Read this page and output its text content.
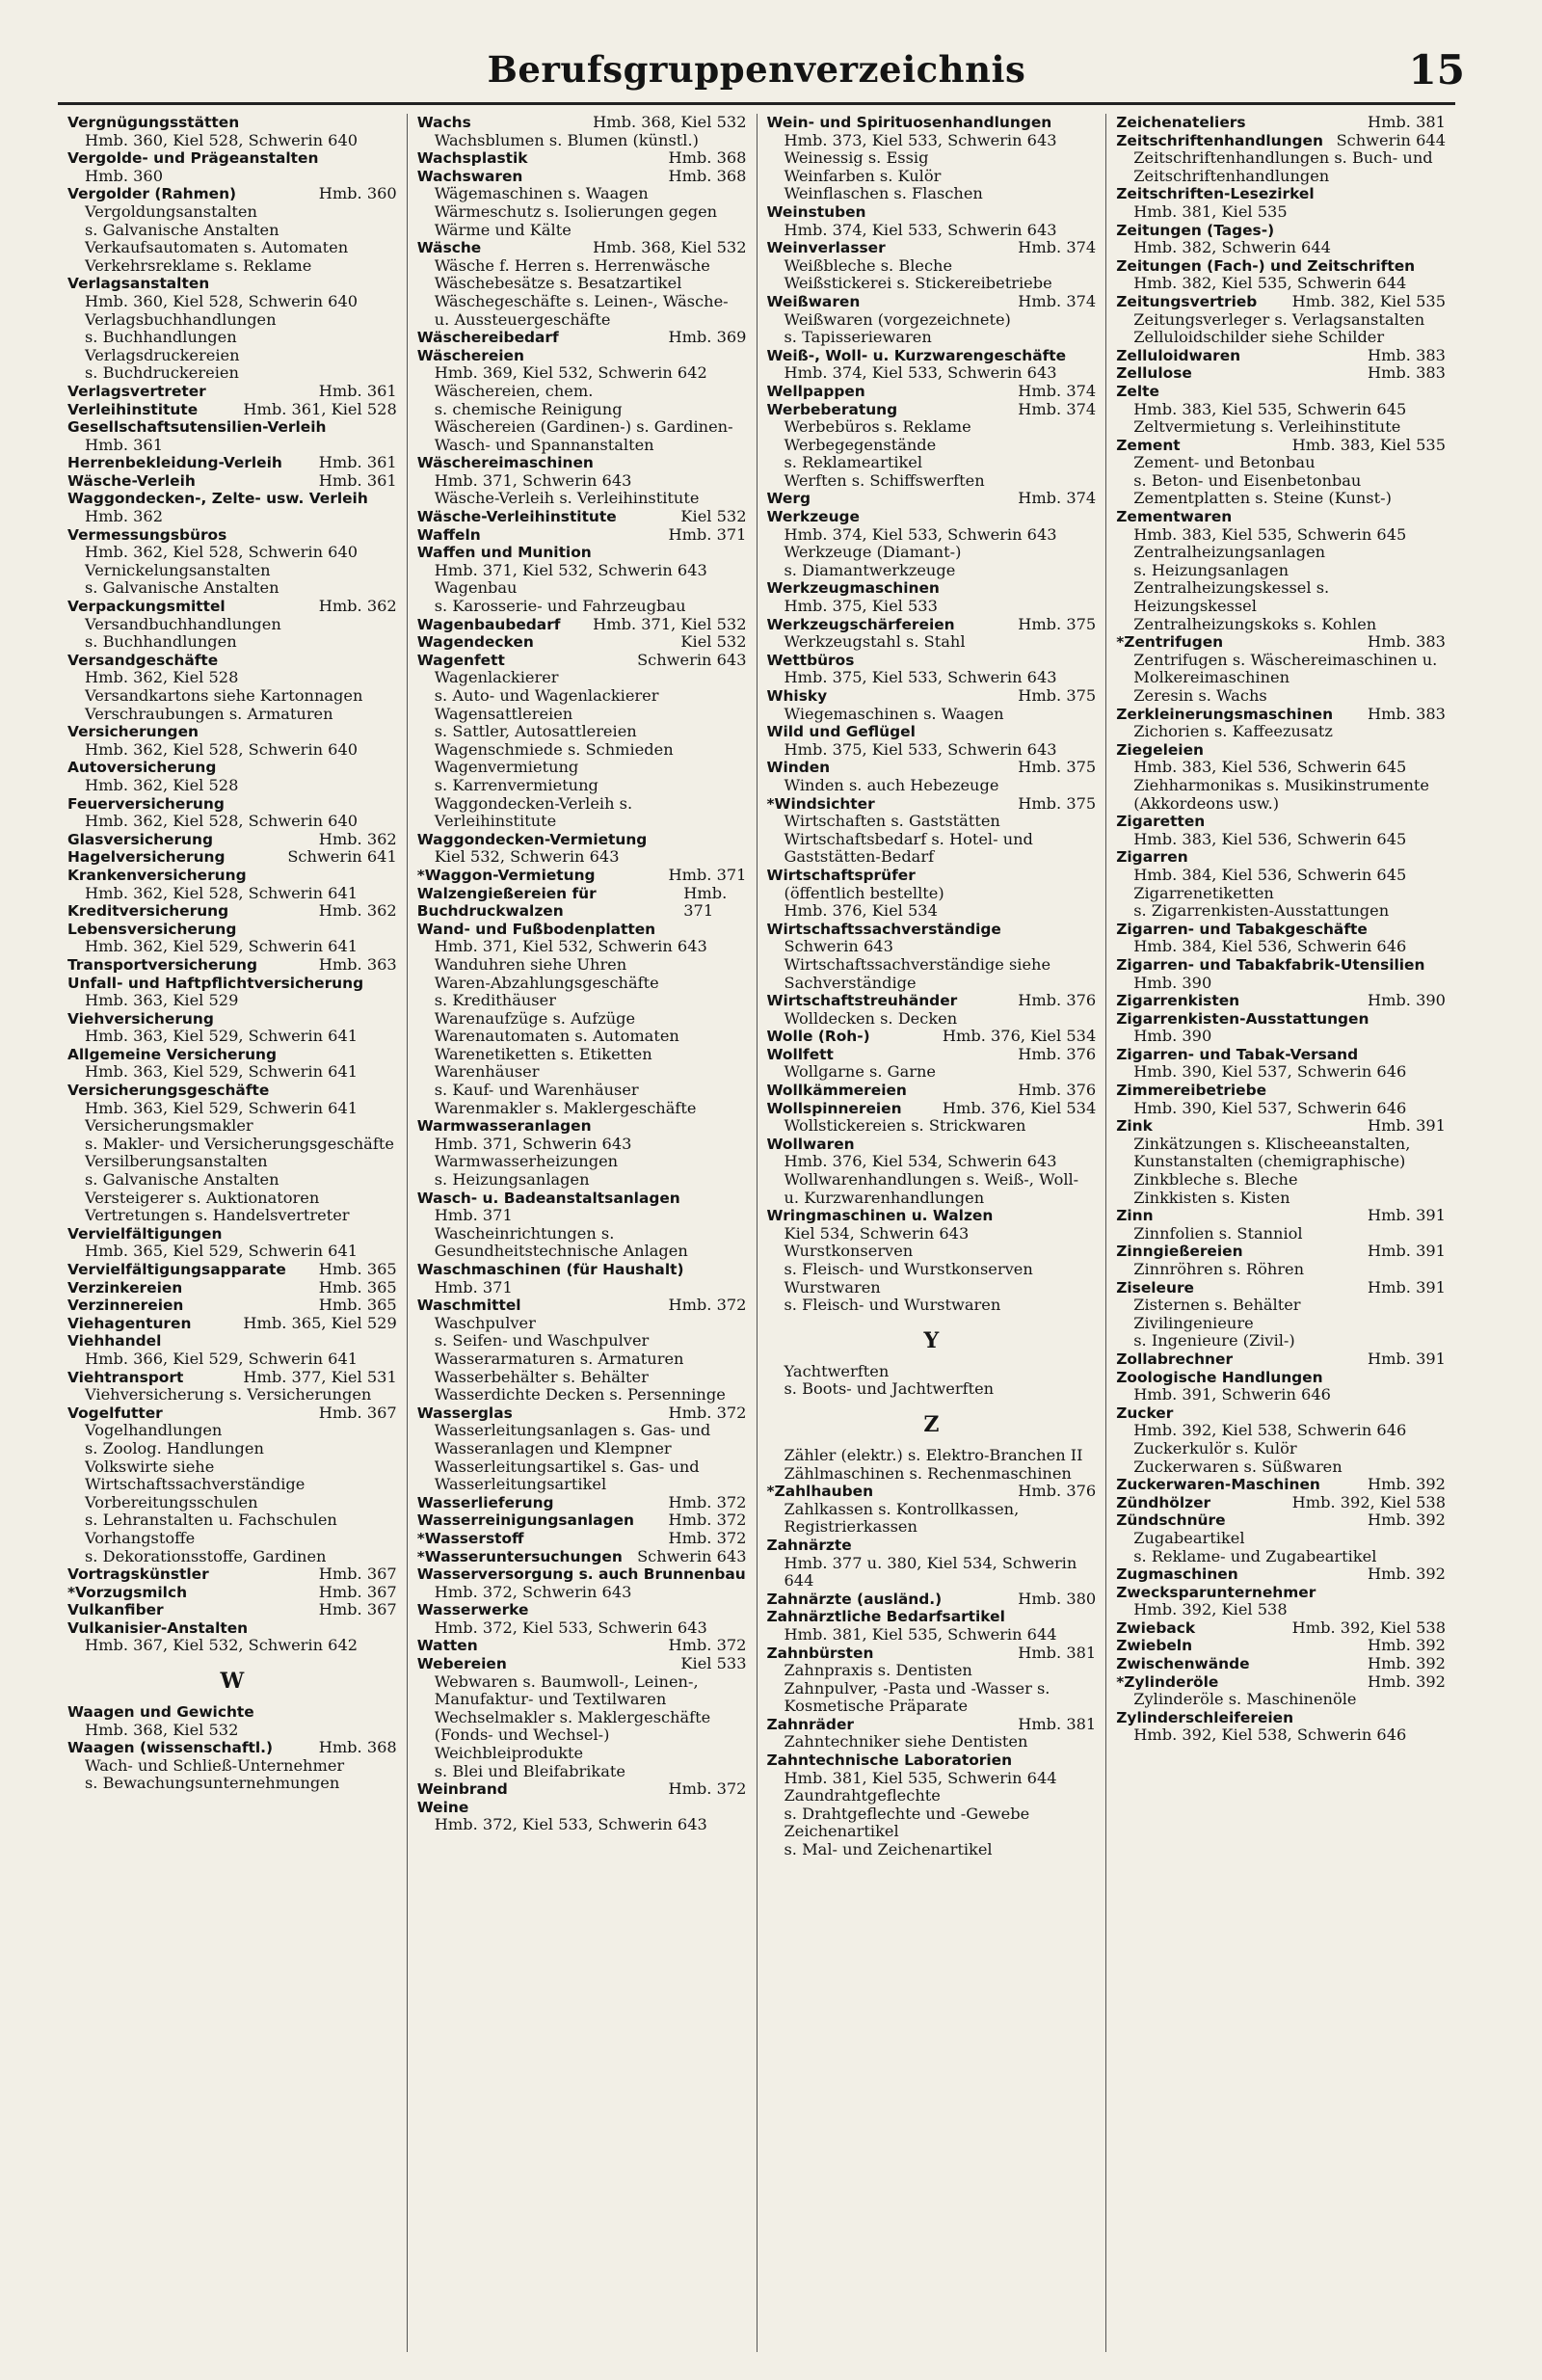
Berufsgruppenverzeichnis	15
Vergnügungsstätten
Hmb. 360, Kiel 528, Schwerin 640
Vergolde- und Prägeanstalten
Hmb. 360
Vergolder (Rahmen)	Hmb. 360
Vergoldungsanstalten
s. Galvanische Anstalten
Verkaufsautomaten s. Automaten
Verkehrsreklame s. Reklame
Verlagsanstalten
Hmb. 360, Kiel 528, Schwerin 640
Verlagsbuchhandlungen
s. Buchhandlungen
Verlagsdruckereien
s. Buchdruckereien
Verlagsvertreter	Hmb. 361
Verleihinstitute	Hmb. 361, Kiel 528
Gesellschaftsutensilien-Verleih
Hmb. 361
Herrenbekleidung-Verleih Hmb. 361
Wäsche-Verleih	Hmb. 361
Waggondecken-, Zelte- usw. Verleih
Hmb. 362
Vermessungsbüros
Hmb. 362, Kiel 528, Schwerin 640
Vernickelungsanstalten
s. Galvanische Anstalten
Verpackungsmittel	Hmb. 362
Versandbuchhandlungen
s. Buchhandlungen
Versandgeschäfte
Hmb. 362, Kiel 528
Versandkartons siehe Kartonnagen
Verschraubungen s. Armaturen
Versicherungen
Hmb. 362, Kiel 528, Schwerin 640
Autoversicherung
Hmb. 362, Kiel 528
Feuerversicherung
Hmb. 362, Kiel 528, Schwerin 640
Glasversicherung	Hmb. 362
Hagelversicherung	Schwerin 641
Krankenversicherung
Hmb. 362, Kiel 528, Schwerin 641
Kreditversicherung	Hmb. 362
Lebensversicherung
Hmb. 362, Kiel 529, Schwerin 641
Transportversicherung	Hmb. 363
Unfall- und Haftpflichtversicherung
Hmb. 363, Kiel 529
Viehversicherung
Hmb. 363, Kiel 529, Schwerin 641
Allgemeine Versicherung
Hmb. 363, Kiel 529, Schwerin 641
Versicherungsgeschäfte
Hmb. 363, Kiel 529, Schwerin 641
Versicherungsmakler
s. Makler- und Versicherungsgeschäfte
Versilberungsanstalten
s. Galvanische Anstalten
Versteigerer s. Auktionatoren
Vertretungen s. Handelsvertreter
Vervielfältigungen
Hmb. 365, Kiel 529, Schwerin 641
Vervielfältigungsapparate Hmb. 365
Verzinkereien	Hmb. 365
Verzinnereien	Hmb. 365
Viehagenturen	Hmb. 365, Kiel 529
Viehhandel
Hmb. 366, Kiel 529, Schwerin 641
Viehtransport	Hmb. 377, Kiel 531
Viehversicherung s. Versicherungen
Vogelfutter	Hmb. 367
Vogelhandlungen
s. Zoolog. Handlungen
Volkswirte siehe Wirtschaftssachverständige
Vorbereitungsschulen
s. Lehranstalten u. Fachschulen
Vorhangstoffe
s. Dekorationsstoffe, Gardinen
Vortragskünstler	Hmb. 367
*Vorzugsmilch	Hmb. 367
Vulkanfiber	Hmb. 367
Vulkanisier-Anstalten
Hmb. 367, Kiel 532, Schwerin 642
W
Waagen und Gewichte
Hmb. 368, Kiel 532
Waagen (wissenschaftl.)	Hmb. 368
Wach- und Schließ-Unternehmer
s. Bewachungsunternehmungen
Wachs	Hmb. 368, Kiel 532
Wachsblumen s. Blumen (künstl.)
Wachsplastik	Hmb. 368
Wachswaren	Hmb. 368
Wägemaschinen s. Waagen
Wärmeschutz s. Isolierungen gegen Wärme und Kälte
Wäsche	Hmb. 368, Kiel 532
Wäsche f. Herren s. Herrenwäsche
Wäschebesätze s. Besatzartikel
Wäschegeschäfte s. Leinen-, Wäsche- u. Aussteuergeschäfte
Wäschereibedarf	Hmb. 369
Wäschereien
Hmb. 369, Kiel 532, Schwerin 642
Wäschereien, chem.
s. chemische Reinigung
Wäschereien (Gardinen-) s. Gardinen-Wasch- und Spannanstalten
Wäschereimaschinen
Hmb. 371, Schwerin 643
Wäsche-Verleih s. Verleihinstitute
Wäsche-Verleihinstitute	Kiel 532
Waffeln	Hmb. 371
Waffen und Munition
Hmb. 371, Kiel 532, Schwerin 643
Wagenbau
s. Karosserie- und Fahrzeugbau
Wagenbaubedarf Hmb. 371, Kiel 532
Wagendecken	Kiel 532
Wagenfett	Schwerin 643
Wagenlackierer
s. Auto- und Wagenlackierer
Wagensattlereien
s. Sattler, Autosattlereien
Wagenschmiede s. Schmieden
Wagenvermietung
s. Karrenvermietung
Waggondecken-Verleih s. Verleihinstitute
Waggondecken-Vermietung
Kiel 532, Schwerin 643
*Waggon-Vermietung	Hmb. 371
Walzengießereien für Buchdruckwalzen
Hmb. 371
Wand- und Fußbodenplatten
Hmb. 371, Kiel 532, Schwerin 643
Wanduhren siehe Uhren
Waren-Abzahlungsgeschäfte
s. Kredithäuser
Warenaufzüge s. Aufzüge
Warenautomaten s. Automaten
Warenetiketten s. Etiketten
Warenhäuser
s. Kauf- und Warenhäuser
Warenmakler s. Maklergeschäfte
Warmwasseranlagen
Hmb. 371, Schwerin 643
Warmwasserheizungen
s. Heizungsanlagen
Wasch- u. Badeanstaltsanlagen
Hmb. 371
Wascheinrichtungen s. Gesundheitstechnische Anlagen
Waschmaschinen (für Haushalt)
Hmb. 371
Waschmittel	Hmb. 372
Waschpulver
s. Seifen- und Waschpulver
Wasserarmaturen s. Armaturen
Wasserbehälter s. Behälter
Wasserdichte Decken s. Persenninge
Wasserglas	Hmb. 372
Wasserleitungsanlagen s. Gas- und Wasseranlagen und Klempner
Wasserleitungsartikel s. Gas- und Wasserleitungsartikel
Wasserlieferung	Hmb. 372
Wasserreinigungsanlagen Hmb. 372
*Wasserstoff	Hmb. 372
*Wasseruntersuchungen Schwerin 643
Wasserversorgung s. auch Brunnenbau
Hmb. 372, Schwerin 643
Wasserwerke
Hmb. 372, Kiel 533, Schwerin 643
Watten	Hmb. 372
Webereien	Kiel 533
Webwaren s. Baumwoll-, Leinen-, Manufaktur- und Textilwaren
Wechselmakler s. Maklergeschäfte (Fonds- und Wechsel-)
Weichbleiprodukte
s. Blei und Bleifabrikate
Weinbrand	Hmb. 372
Weine
Hmb. 372, Kiel 533, Schwerin 643
Wein- und Spirituosenhandlungen
Hmb. 373, Kiel 533, Schwerin 643
Weinessig s. Essig
Weinfarben s. Kulör
Weinflaschen s. Flaschen
Weinstuben
Hmb. 374, Kiel 533, Schwerin 643
Weinverlasser	Hmb. 374
Weißbleche s. Bleche
Weißstickerei s. Stickereibetriebe
Weißwaren	Hmb. 374
Weißwaren (vorgezeichnete)
s. Tapisseriewaren
Weiß-, Woll- u. Kurzwarengeschäfte
Hmb. 374, Kiel 533, Schwerin 643
Wellpappen	Hmb. 374
Werbeberatung	Hmb. 374
Werbebüros s. Reklame
Werbegegenstände
s. Reklameartikel
Werften s. Schiffswerften
Werg	Hmb. 374
Werkzeuge
Hmb. 374, Kiel 533, Schwerin 643
Werkzeuge (Diamant-)
s. Diamantwerkzeuge
Werkzeugmaschinen
Hmb. 375, Kiel 533
Werkzeugschärfereien	Hmb. 375
Werkzeugstahl s. Stahl
Wettbüros
Hmb. 375, Kiel 533, Schwerin 643
Whisky	Hmb. 375
Wiegemaschinen s. Waagen
Wild und Geflügel
Hmb. 375, Kiel 533, Schwerin 643
Winden	Hmb. 375
Winden s. auch Hebezeuge
*Windsichter	Hmb. 375
Wirtschaften s. Gaststätten
Wirtschaftsbedarf s. Hotel- und Gaststätten-Bedarf
Wirtschaftsprüfer
(öffentlich bestellte)
Hmb. 376, Kiel 534
Wirtschaftssachverständige
Schwerin 643
Wirtschaftssachverständige siehe Sachverständige
Wirtschaftstreuhänder	Hmb. 376
Wolldecken s. Decken
Wolle (Roh-)	Hmb. 376, Kiel 534
Wollfett	Hmb. 376
Wollgarne s. Garne
Wollkämmereien	Hmb. 376
Wollspinnereien	Hmb. 376, Kiel 534
Wollstickereien s. Strickwaren
Wollwaren
Hmb. 376, Kiel 534, Schwerin 643
Wollwarenhandlungen s. Weiß-, Woll- u. Kurzwarenhandlungen
Wringmaschinen u. Walzen
Kiel 534, Schwerin 643
Wurstkonserven
s. Fleisch- und Wurstkonserven
Wurstwaren
s. Fleisch- und Wurstwaren
Y
Yachtwerften
s. Boots- und Jachtwerften
Z
Zähler (elektr.) s. Elektro-Branchen II
Zählmaschinen s. Rechenmaschinen
*Zahlhauben	Hmb. 376
Zahlkassen s. Kontrollkassen, Registrierkassen
Zahnärzte
Hmb. 377 u. 380, Kiel 534, Schwerin 644
Zahnärzte (ausländ.)	Hmb. 380
Zahnärztliche Bedarfsartikel
Hmb. 381, Kiel 535, Schwerin 644
Zahnbürsten	Hmb. 381
Zahnpraxis s. Dentisten
Zahnpulver, -Pasta und -Wasser s. Kosmetische Präparate
Zahnräder	Hmb. 381
Zahntechniker siehe Dentisten
Zahntechnische Laboratorien
Hmb. 381, Kiel 535, Schwerin 644
Zaundrahtgeflechte
s. Drahtgeflechte und -Gewebe
Zeichenartikel
s. Mal- und Zeichenartikel
Zeichenateliers	Hmb. 381
Zeitschriftenhandlungen Schwerin 644
Zeitschriftenhandlungen s. Buch- und Zeitschriftenhandlungen
Zeitschriften-Lesezirkel
Hmb. 381, Kiel 535
Zeitungen (Tages-)
Hmb. 382, Schwerin 644
Zeitungen (Fach-) und Zeitschriften
Hmb. 382, Kiel 535, Schwerin 644
Zeitungsvertrieb Hmb. 382, Kiel 535
Zeitungsverleger s. Verlagsanstalten
Zelluloidschilder siehe Schilder
Zelluloidwaren	Hmb. 383
Zellulose	Hmb. 383
Zelte
Hmb. 383, Kiel 535, Schwerin 645
Zeltvermietung s. Verleihinstitute
Zement	Hmb. 383, Kiel 535
Zement- und Betonbau
s. Beton- und Eisenbetonbau
Zementplatten s. Steine (Kunst-)
Zementwaren
Hmb. 383, Kiel 535, Schwerin 645
Zentralheizungsanlagen
s. Heizungsanlagen
Zentralheizungskessel s. Heizungskessel
Zentralheizungskoks s. Kohlen
*Zentrifugen	Hmb. 383
Zentrifugen s. Wäschereimaschinen u. Molkereimaschinen
Zeresin s. Wachs
Zerkleinerungsmaschinen Hmb. 383
Zichorien s. Kaffeezusatz
Ziegeleien
Hmb. 383, Kiel 536, Schwerin 645
Ziehharmonikas s. Musikinstrumente (Akkordeons usw.)
Zigaretten
Hmb. 383, Kiel 536, Schwerin 645
Zigarren
Hmb. 384, Kiel 536, Schwerin 645
Zigarrenetiketten
s. Zigarrenkisten-Ausstattungen
Zigarren- und Tabakgeschäfte
Hmb. 384, Kiel 536, Schwerin 646
Zigarren- und Tabakfabrik-Utensilien
Hmb. 390
Zigarrenkisten	Hmb. 390
Zigarrenkisten-Ausstattungen
Hmb. 390
Zigarren- und Tabak-Versand
Hmb. 390, Kiel 537, Schwerin 646
Zimmereibetriebe
Hmb. 390, Kiel 537, Schwerin 646
Zink	Hmb. 391
Zinkätzungen s. Klischeeanstalten, Kunstanstalten (chemigraphische)
Zinkbleche s. Bleche
Zinkkisten s. Kisten
Zinn	Hmb. 391
Zinnfolien s. Stanniol
Zinngießereien	Hmb. 391
Zinnröhren s. Röhren
Ziseleure	Hmb. 391
Zisternen s. Behälter
Zivilingenieure
s. Ingenieure (Zivil-)
Zollabrechner	Hmb. 391
Zoologische Handlungen
Hmb. 391, Schwerin 646
Zucker
Hmb. 392, Kiel 538, Schwerin 646
Zuckerkulör s. Kulör
Zuckerwaren s. Süßwaren
Zuckerwaren-Maschinen	Hmb. 392
Zündhölzer	Hmb. 392, Kiel 538
Zündschnüre	Hmb. 392
Zugabeartikel
s. Reklame- und Zugabeartikel
Zugmaschinen	Hmb. 392
Zwecksparunternehmer
Hmb. 392, Kiel 538
Zwieback	Hmb. 392, Kiel 538
Zwiebeln	Hmb. 392
Zwischenwände	Hmb. 392
*Zylinderöle	Hmb. 392
Zylinderöle s. Maschinenöle
Zylinderschleifereien
Hmb. 392, Kiel 538, Schwerin 646
